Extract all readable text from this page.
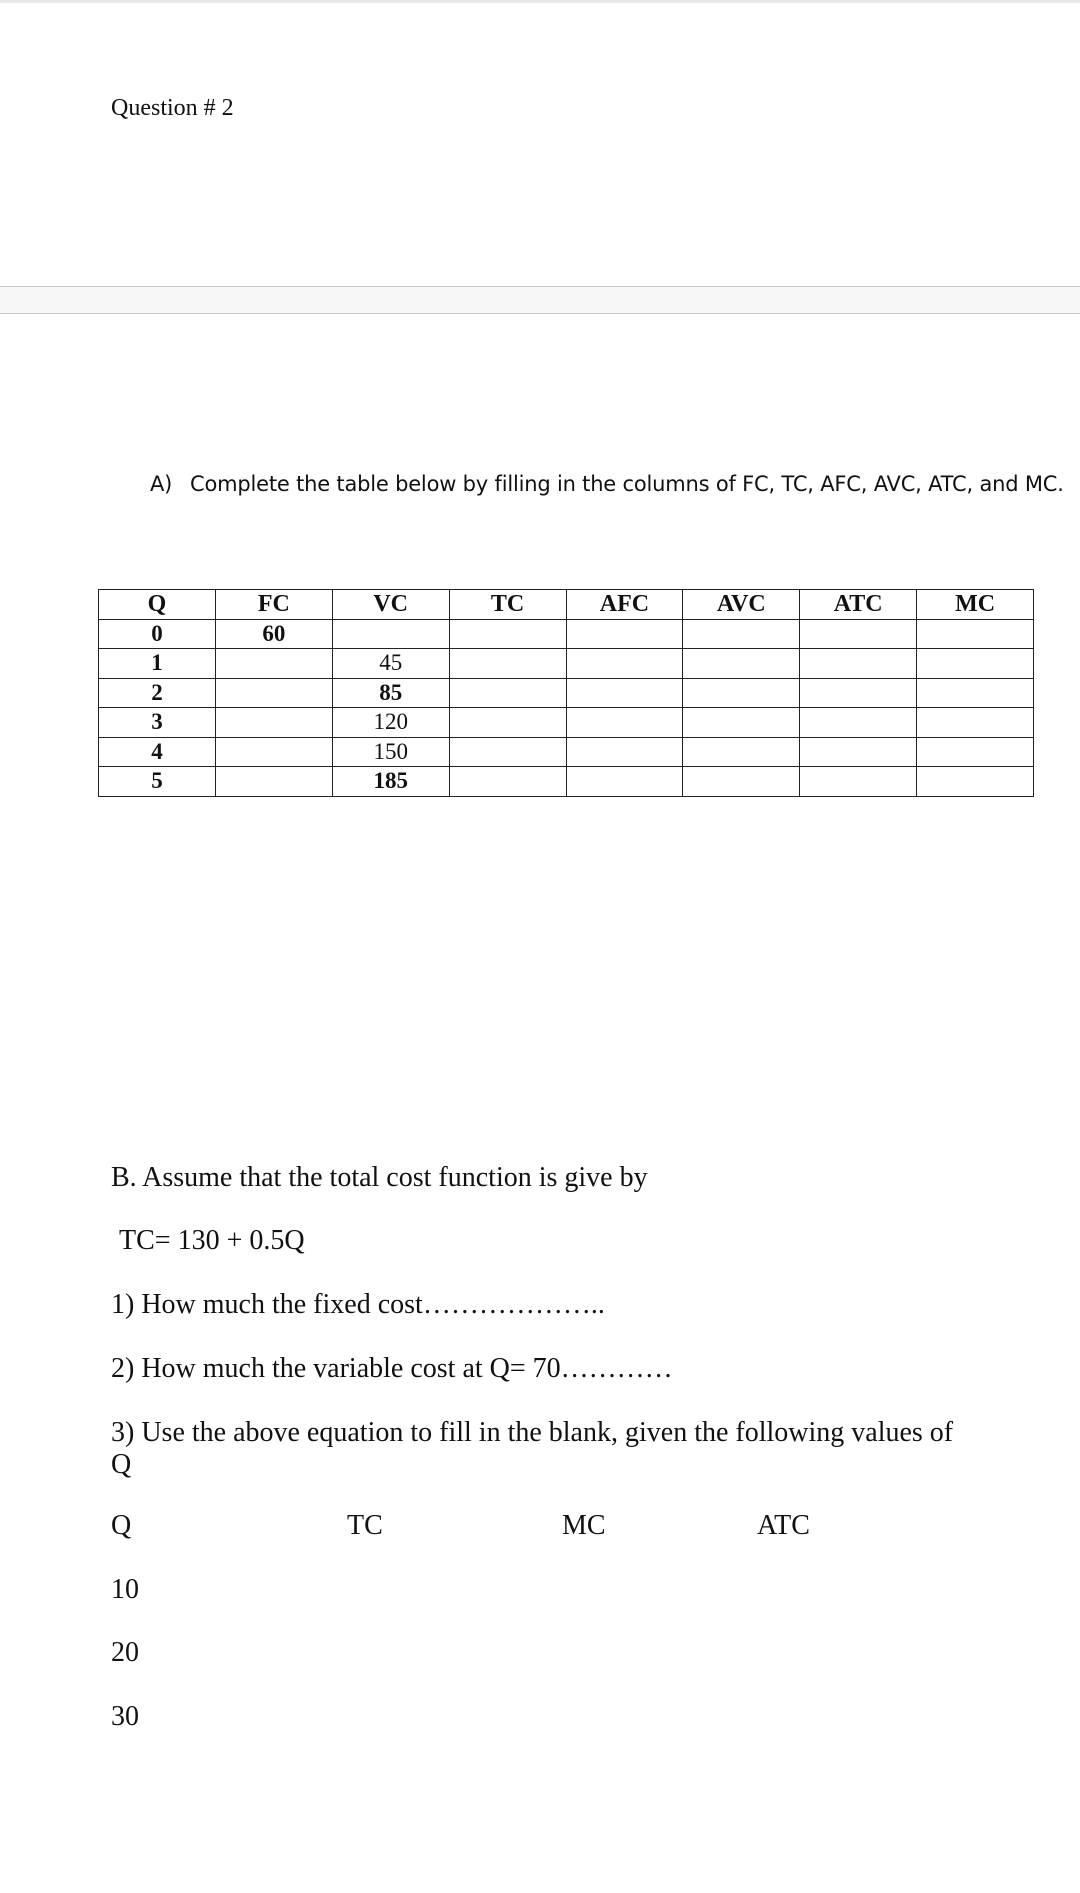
Question # 2
A) Complete the table below by filling in the columns of FC, TC, AFC, AVC, ATC, and MC.
Q	FC	VC	TC	AFC	AVC	ATC	MC
0	60						
1		45					
2		85					
3		120					
4		150					
5		185					
B. Assume that the total cost function is give by
TC= 130 + 0.5Q
1) How much the fixed cost………………..
2) How much the variable cost at Q= 70…………
3) Use the above equation to fill in the blank, given the following values of
Q
Q	TC	MC	ATC
10
20
30
